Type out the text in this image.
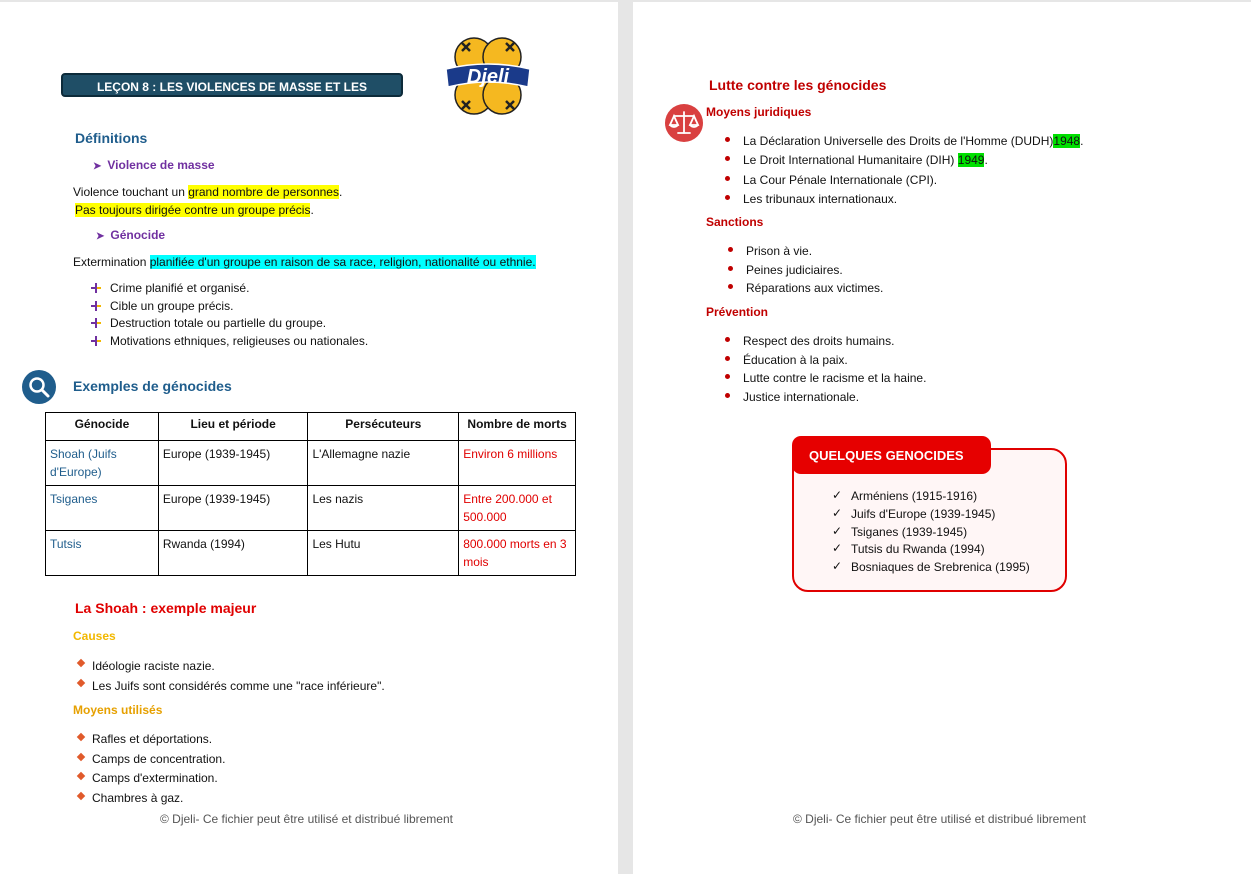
LEÇON 8 : LES VIOLENCES DE MASSE ET LES GÉNOCIDES
Djeli
Définitions
➤ Violence de masse
Violence touchant un grand nombre de personnes.
Pas toujours dirigée contre un groupe précis.
➤ Génocide
Extermination planifiée d'un groupe en raison de sa race, religion, nationalité ou ethnie.
Crime planifié et organisé.
Cible un groupe précis.
Destruction totale ou partielle du groupe.
Motivations ethniques, religieuses ou nationales.
Exemples de génocides
Génocide	Lieu et période	Persécuteurs	Nombre de morts
Shoah (Juifs d'Europe)	Europe (1939-1945)	L'Allemagne nazie	Environ 6 millions
Tsiganes	Europe (1939-1945)	Les nazis	Entre 200.000 et 500.000
Tutsis	Rwanda (1994)	Les Hutu	800.000 morts en 3 mois
La Shoah : exemple majeur
Causes
Idéologie raciste nazie.
Les Juifs sont considérés comme une "race inférieure".
Moyens utilisés
Rafles et déportations.
Camps de concentration.
Camps d'extermination.
Chambres à gaz.
© Djeli- Ce fichier peut être utilisé et distribué librement
Lutte contre les génocides
Moyens juridiques
La Déclaration Universelle des Droits de l'Homme (DUDH)1948.
Le Droit International Humanitaire (DIH) 1949.
La Cour Pénale Internationale (CPI).
Les tribunaux internationaux.
Sanctions
Prison à vie.
Peines judiciaires.
Réparations aux victimes.
Prévention
Respect des droits humains.
Éducation à la paix.
Lutte contre le racisme et la haine.
Justice internationale.
QUELQUES GENOCIDES
✓ Arméniens (1915-1916)
✓ Juifs d'Europe (1939-1945)
✓ Tsiganes (1939-1945)
✓ Tutsis du Rwanda (1994)
✓ Bosniaques de Srebrenica (1995)
© Djeli- Ce fichier peut être utilisé et distribué librement
